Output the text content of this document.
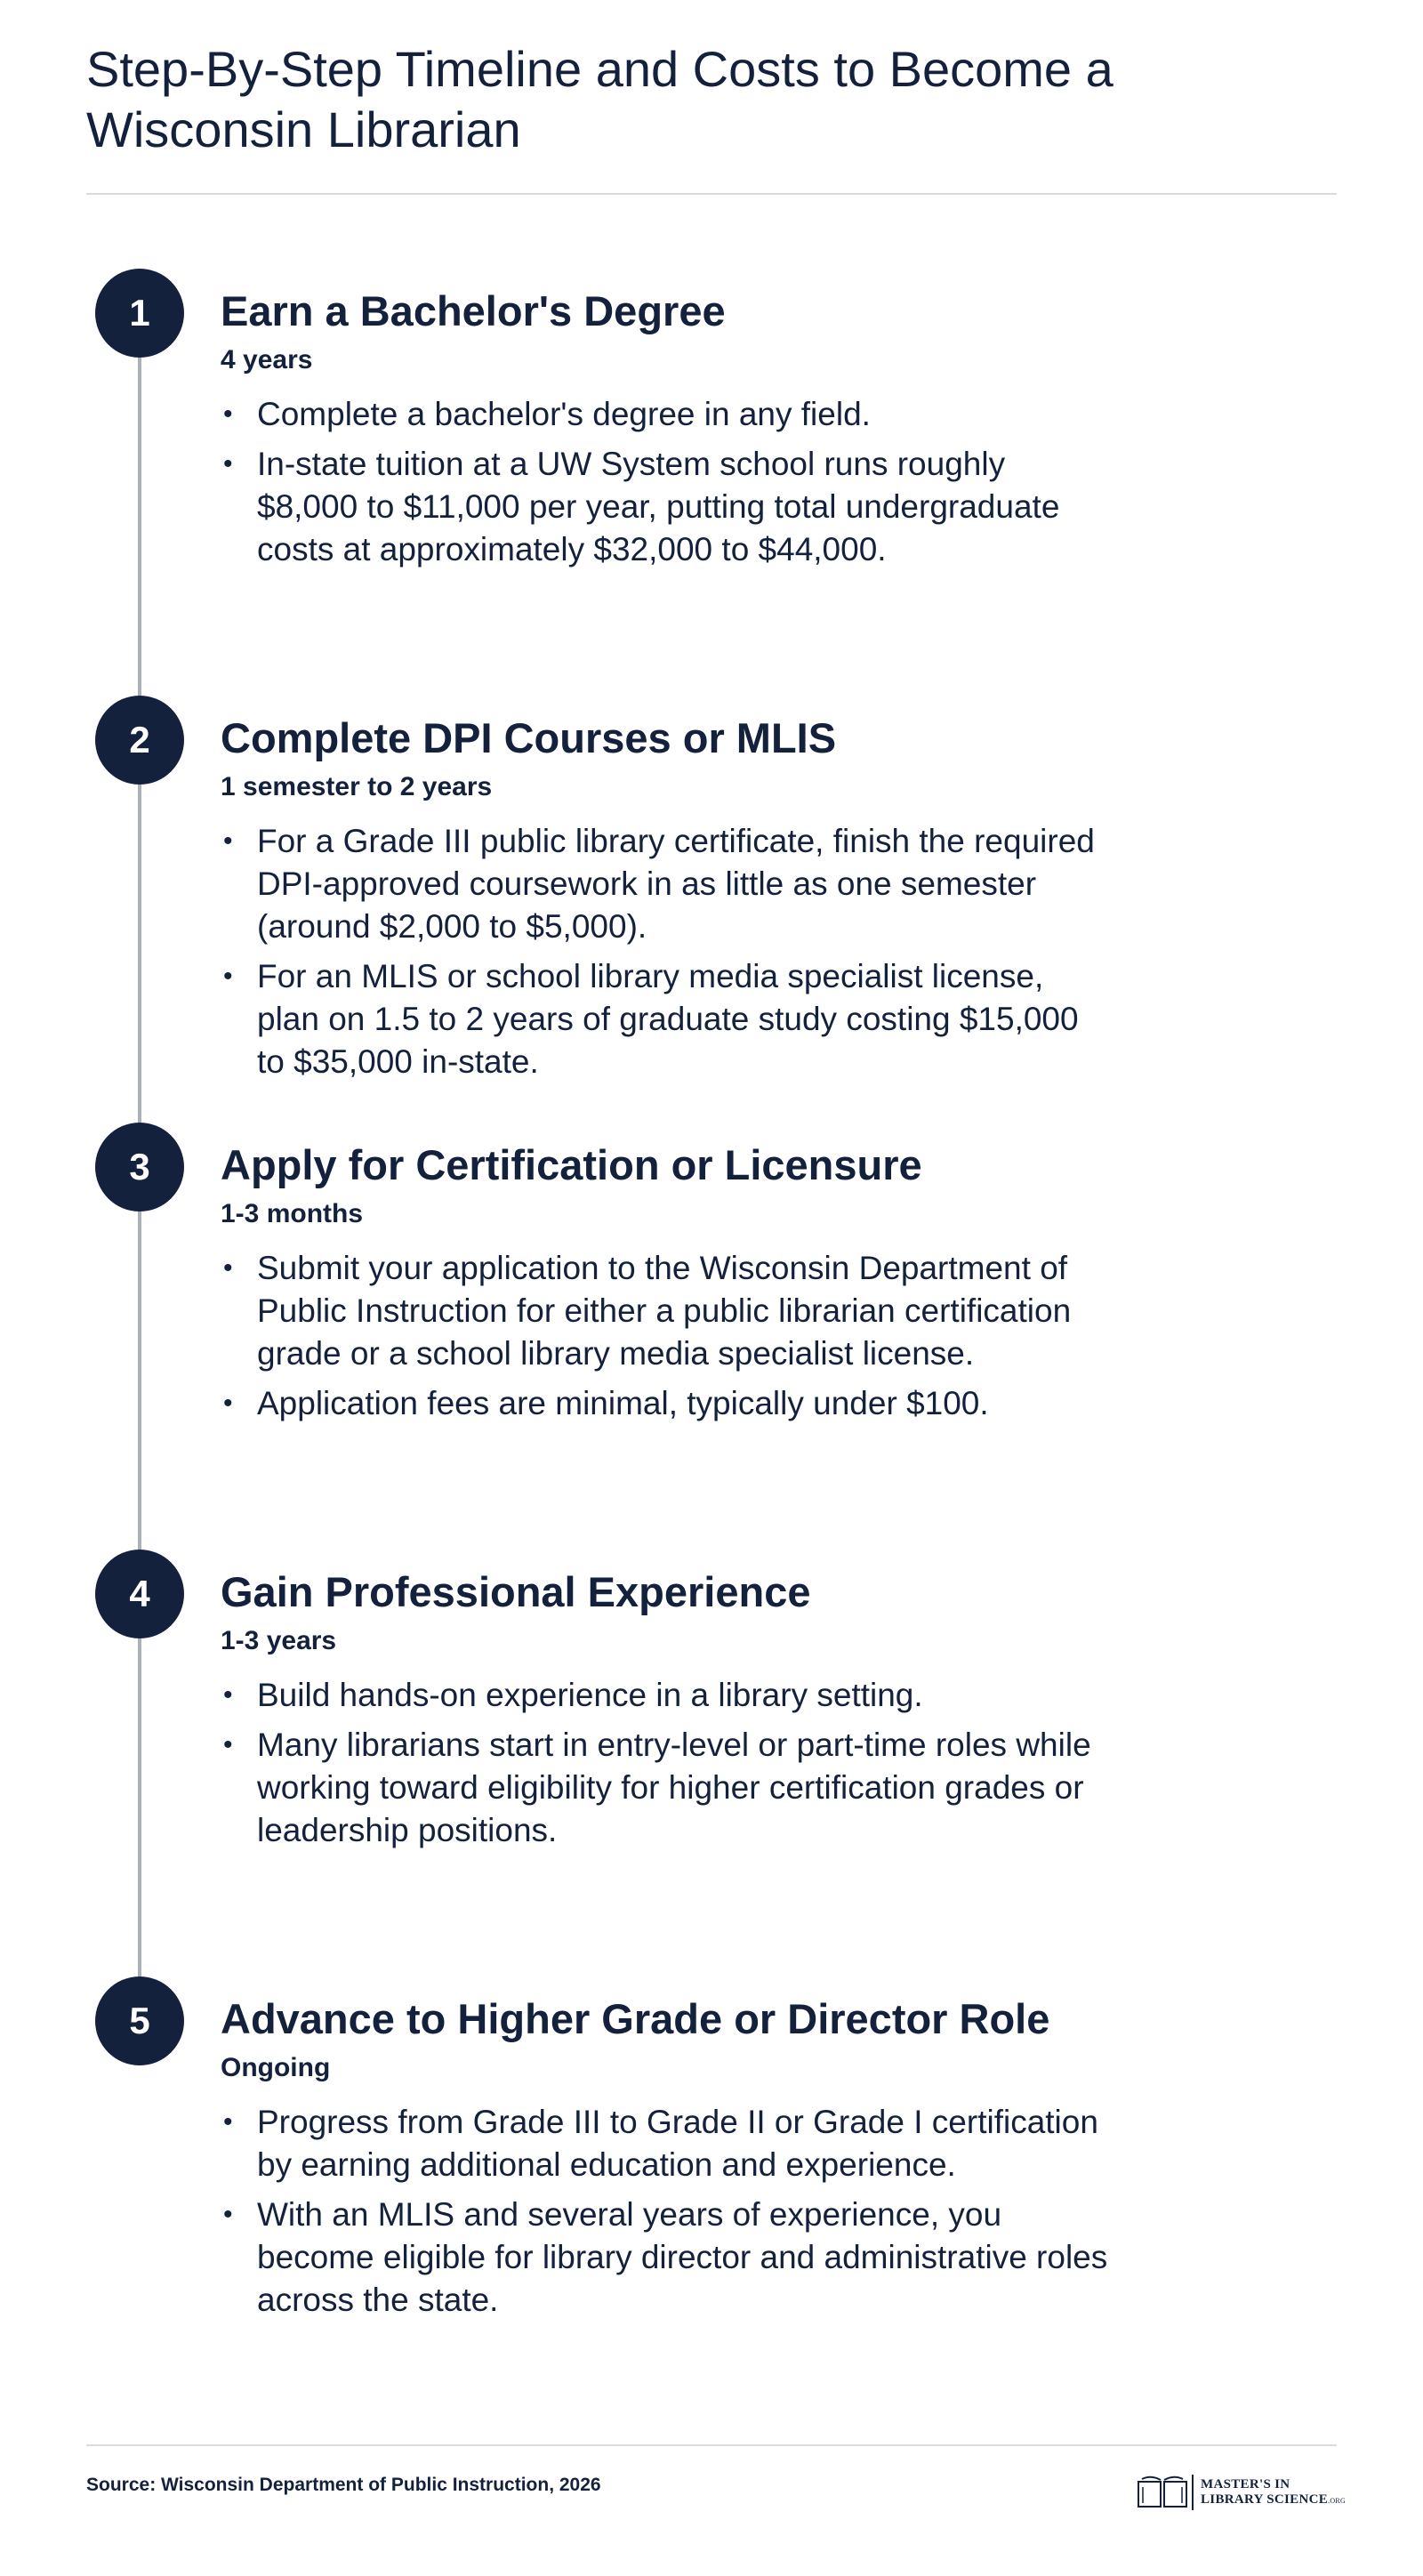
Step-By-Step Timeline and Costs to Become a Wisconsin Librarian
1	Earn a Bachelor's Degree
4 years
• Complete a bachelor's degree in any field.
• In-state tuition at a UW System school runs roughly $8,000 to $11,000 per year, putting total undergraduate costs at approximately $32,000 to $44,000.
2	Complete DPI Courses or MLIS
1 semester to 2 years
• For a Grade III public library certificate, finish the required DPI-approved coursework in as little as one semester (around $2,000 to $5,000).
• For an MLIS or school library media specialist license, plan on 1.5 to 2 years of graduate study costing $15,000 to $35,000 in-state.
3	Apply for Certification or Licensure
1-3 months
• Submit your application to the Wisconsin Department of Public Instruction for either a public librarian certification grade or a school library media specialist license.
• Application fees are minimal, typically under $100.
4	Gain Professional Experience
1-3 years
• Build hands-on experience in a library setting.
• Many librarians start in entry-level or part-time roles while working toward eligibility for higher certification grades or leadership positions.
5	Advance to Higher Grade or Director Role
Ongoing
• Progress from Grade III to Grade II or Grade I certification by earning additional education and experience.
• With an MLIS and several years of experience, you become eligible for library director and administrative roles across the state.
Source: Wisconsin Department of Public Instruction, 2026	MASTER'S IN
LIBRARY SCIENCE.ORG
